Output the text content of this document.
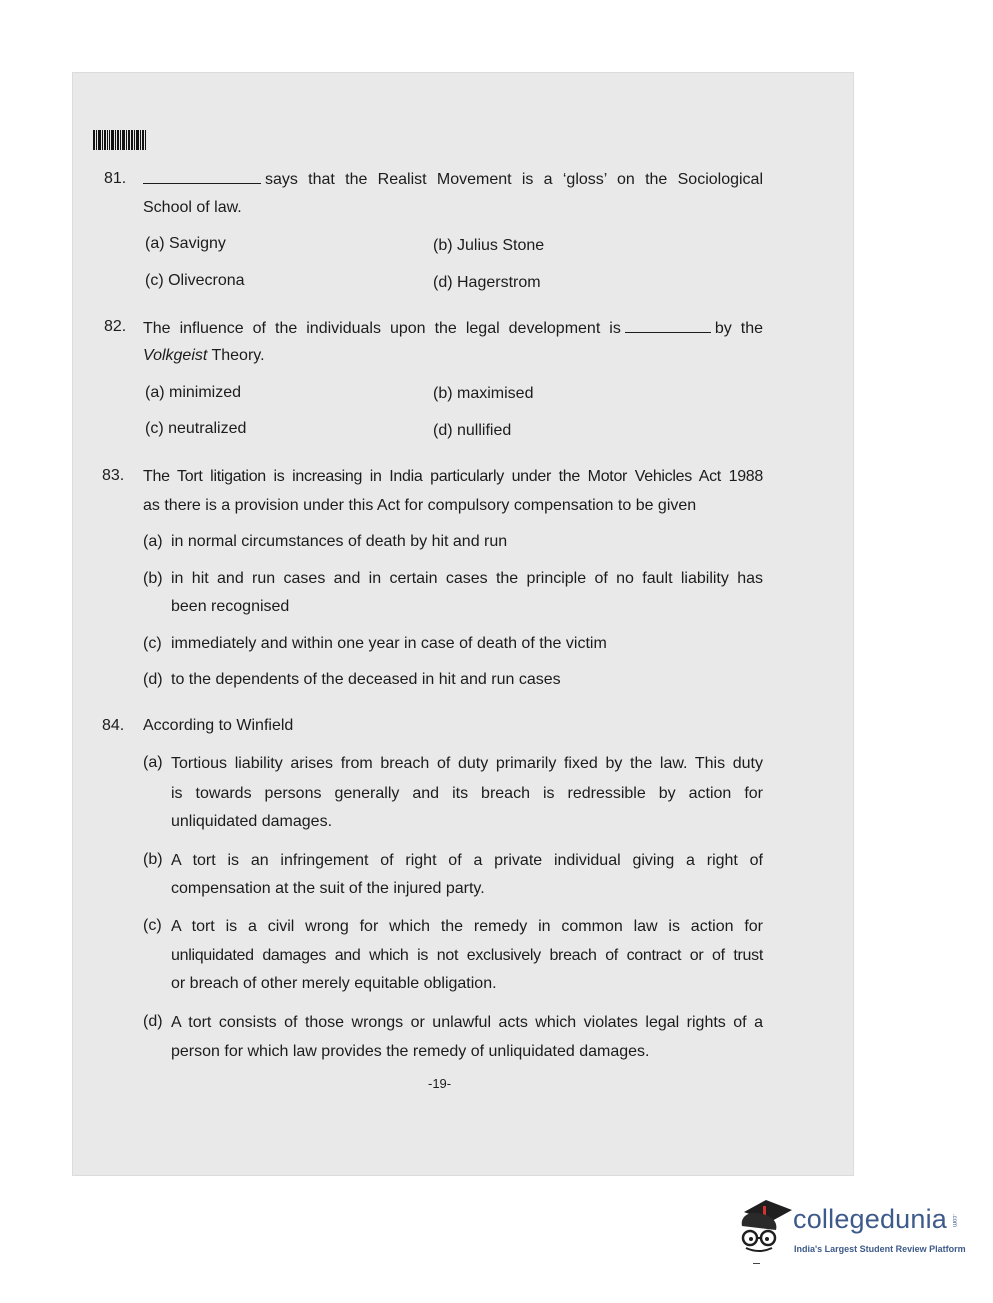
81.	says that the Realist Movement is a ‘gloss’ on the Sociological
School of law.
(a) Savigny	(b) Julius Stone
(c) Olivecrona	(d) Hagerstrom
82. The influence of the individuals upon the legal development is	by the
Volkgeist Theory.
(a) minimized	(b) maximised
(c) neutralized	(d) nullified
83. The Tort litigation is increasing in India particularly under the Motor Vehicles Act 1988
as there is a provision under this Act for compulsory compensation to be given
(a) in normal circumstances of death by hit and run
(b) in hit and run cases and in certain cases the principle of no fault liability has
been recognised
(c) immediately and within one year in case of death of the victim
(d) to the dependents of the deceased in hit and run cases
84. According to Winfield
(a) Tortious liability arises from breach of duty primarily fixed by the law. This duty
is towards persons generally and its breach is redressible by action for
unliquidated damages.
(b) A tort is an infringement of right of a private individual giving a right of
compensation at the suit of the injured party.
(c) A tort is a civil wrong for which the remedy in common law is action for
unliquidated damages and which is not exclusively breach of contract or of trust
or breach of other merely equitable obligation.
(d) A tort consists of those wrongs or unlawful acts which violates legal rights of a
person for which law provides the remedy of unliquidated damages.
-19-
collegedunia .com
India's Largest Student Review Platform
